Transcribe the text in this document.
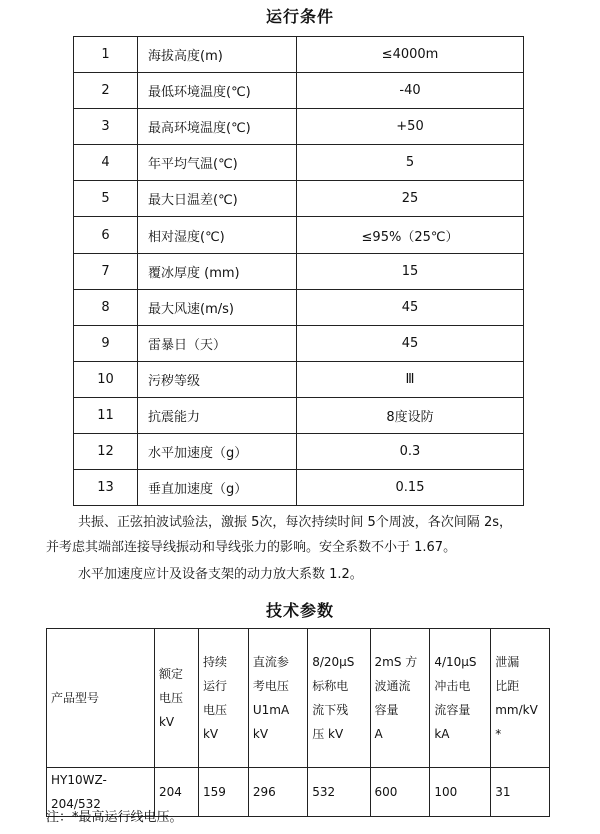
运行条件
1	海拔高度(m)	≤4000m
2	最低环境温度(℃)	-40
3	最高环境温度(℃)	+50
4	年平均气温(℃)	5
5	最大日温差(℃)	25
6	相对湿度(℃)	≤95%（25℃）
7	覆冰厚度 (mm)	15
8	最大风速(m/s)	45
9	雷暴日（天）	45
10	污秽等级	Ⅲ
11	抗震能力	8度设防
12	水平加速度（g）	0.3
13	垂直加速度（g）	0.15
共振、正弦拍波试验法，激振 5次，每次持续时间 5个周波，各次间隔 2s，
并考虑其端部连接导线振动和导线张力的影响。安全系数不小于 1.67。
水平加速度应计及设备支架的动力放大系数 1.2。
技术参数
产品型号	额定
电压
kV	持续
运行
电压
kV	直流参
考电压
U1mA
kV	8/20μS
标称电
流下残
压 kV	2mS 方
波通流
容量
A	4/10μS
冲击电
流容量
kA	泄漏
比距
mm/kV
*

HY10WZ-204/532	204	159	296	532	600	100	31
注：*最高运行线电压。
